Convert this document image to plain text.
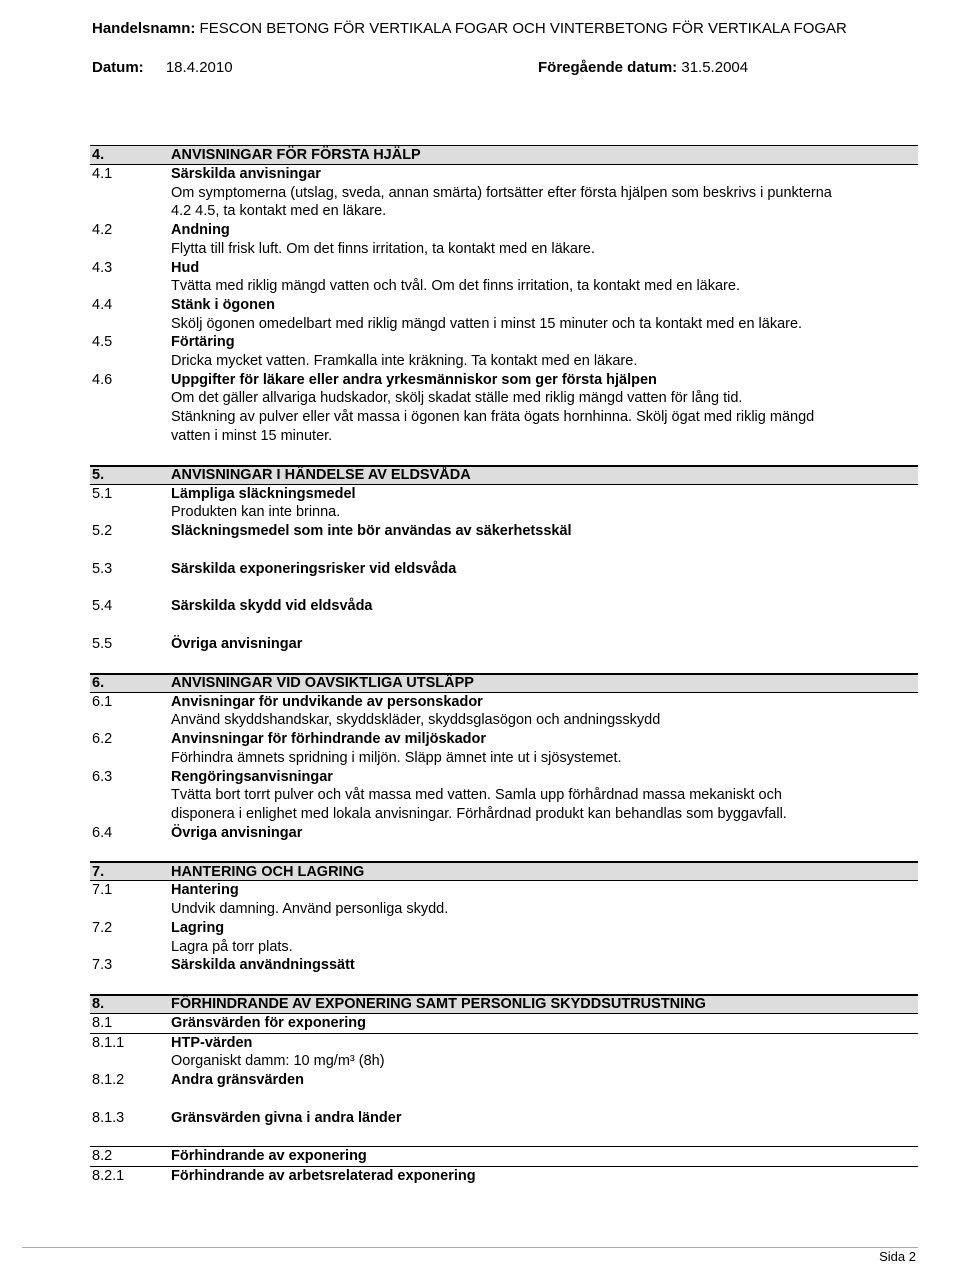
Handelsnamn: FESCON BETONG FÖR VERTIKALA FOGAR OCH VINTERBETONG FÖR VERTIKALA FOGAR
Datum: 18.4.2010	Föregående datum: 31.5.2004
4.	ANVISNINGAR FÖR FÖRSTA HJÄLP
4.1	Särskilda anvisningar
Om symptomerna (utslag, sveda, annan smärta) fortsätter efter första hjälpen som beskrivs i punkterna
4.2 4.5, ta kontakt med en läkare.
4.2	Andning
Flytta till frisk luft. Om det finns irritation, ta kontakt med en läkare.
4.3	Hud
Tvätta med riklig mängd vatten och tvål. Om det finns irritation, ta kontakt med en läkare.
4.4	Stänk i ögonen
Skölj ögonen omedelbart med riklig mängd vatten i minst 15 minuter och ta kontakt med en läkare.
4.5	Förtäring
Dricka mycket vatten. Framkalla inte kräkning. Ta kontakt med en läkare.
4.6	Uppgifter för läkare eller andra yrkesmänniskor som ger första hjälpen
Om det gäller allvariga hudskador, skölj skadat ställe med riklig mängd vatten för lång tid.
Stänkning av pulver eller våt massa i ögonen kan fräta ögats hornhinna. Skölj ögat med riklig mängd
vatten i minst 15 minuter.
5.	ANVISNINGAR I HÄNDELSE AV ELDSVÅDA
5.1	Lämpliga släckningsmedel
Produkten kan inte brinna.
5.2	Släckningsmedel som inte bör användas av säkerhetsskäl
5.3	Särskilda exponeringsrisker vid eldsvåda
5.4	Särskilda skydd vid eldsvåda
5.5	Övriga anvisningar
6.	ANVISNINGAR VID OAVSIKTLIGA UTSLÄPP
6.1	Anvisningar för undvikande av personskador
Använd skyddshandskar, skyddskläder, skyddsglasögon och andningsskydd
6.2	Anvinsningar för förhindrande av miljöskador
Förhindra ämnets spridning i miljön. Släpp ämnet inte ut i sjösystemet.
6.3	Rengöringsanvisningar
Tvätta bort torrt pulver och våt massa med vatten. Samla upp förhårdnad massa mekaniskt och
disponera i enlighet med lokala anvisningar. Förhårdnad produkt kan behandlas som byggavfall.
6.4	Övriga anvisningar
7.	HANTERING OCH LAGRING
7.1	Hantering
Undvik damning. Använd personliga skydd.
7.2	Lagring
Lagra på torr plats.
7.3	Särskilda användningssätt
8.	FÖRHINDRANDE AV EXPONERING SAMT PERSONLIG SKYDDSUTRUSTNING
8.1	Gränsvärden för exponering
8.1.1	HTP-värden
Oorganiskt damm: 10 mg/m³ (8h)
8.1.2	Andra gränsvärden
8.1.3	Gränsvärden givna i andra länder
8.2	Förhindrande av exponering
8.2.1	Förhindrande av arbetsrelaterad exponering
Sida 2
